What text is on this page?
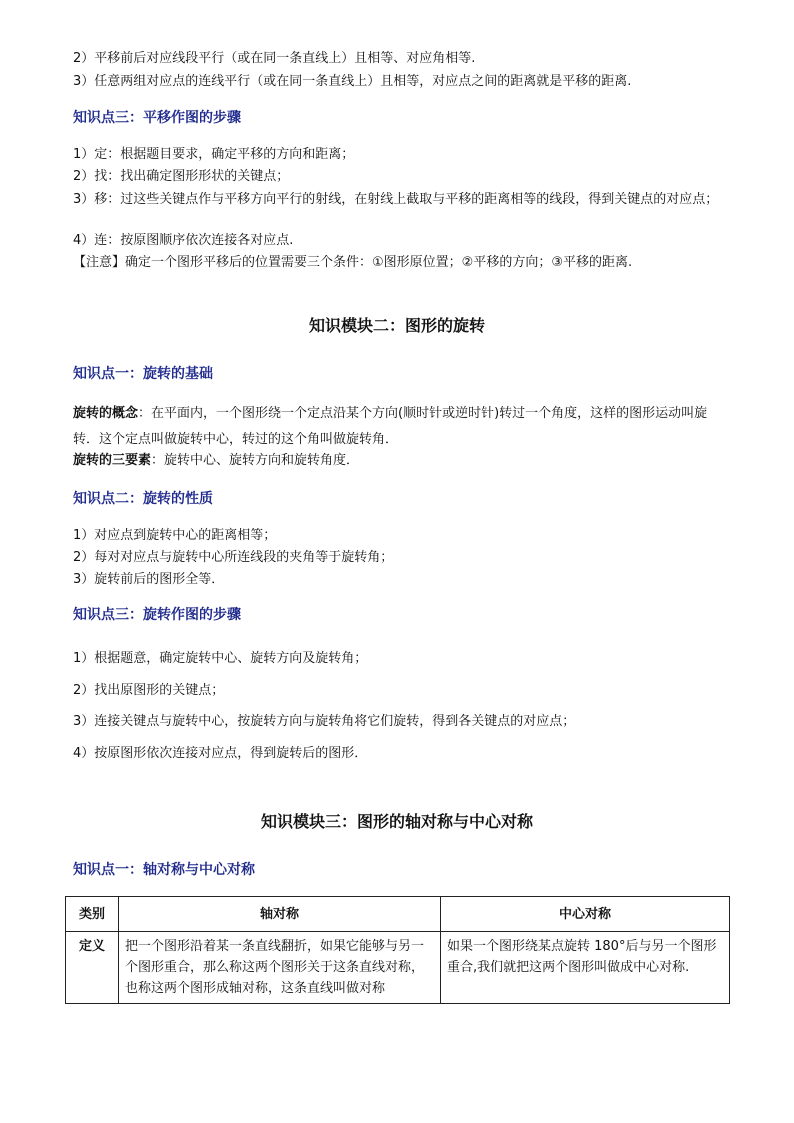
2）平移前后对应线段平行（或在同一条直线上）且相等、对应角相等.
3）任意两组对应点的连线平行（或在同一条直线上）且相等，对应点之间的距离就是平移的距离.
知识点三：平移作图的步骤
1）定：根据题目要求，确定平移的方向和距离；
2）找：找出确定图形形状的关键点；
3）移：过这些关键点作与平移方向平行的射线，在射线上截取与平移的距离相等的线段，得到关键点的对应点；
4）连：按原图顺序依次连接各对应点.
【注意】确定一个图形平移后的位置需要三个条件：①图形原位置；②平移的方向；③平移的距离.
知识模块二：图形的旋转
知识点一：旋转的基础
旋转的概念：在平面内，一个图形绕一个定点沿某个方向(顺时针或逆时针)转过一个角度，这样的图形运动叫旋转．这个定点叫做旋转中心，转过的这个角叫做旋转角．
旋转的三要素：旋转中心、旋转方向和旋转角度．
知识点二：旋转的性质
1）对应点到旋转中心的距离相等；
2）每对对应点与旋转中心所连线段的夹角等于旋转角；
3）旋转前后的图形全等．
知识点三：旋转作图的步骤
1）根据题意，确定旋转中心、旋转方向及旋转角；
2）找出原图形的关键点；
3）连接关键点与旋转中心，按旋转方向与旋转角将它们旋转，得到各关键点的对应点；
4）按原图形依次连接对应点，得到旋转后的图形．
知识模块三：图形的轴对称与中心对称
知识点一：轴对称与中心对称
类别	轴对称	中心对称
定义	把一个图形沿着某一条直线翻折，如果它能够与另一个图形重合，那么称这两个图形关于这条直线对称，也称这两个图形成轴对称，这条直线叫做对称	如果一个图形绕某点旋转 180°后与另一个图形重合,我们就把这两个图形叫做成中心对称.
